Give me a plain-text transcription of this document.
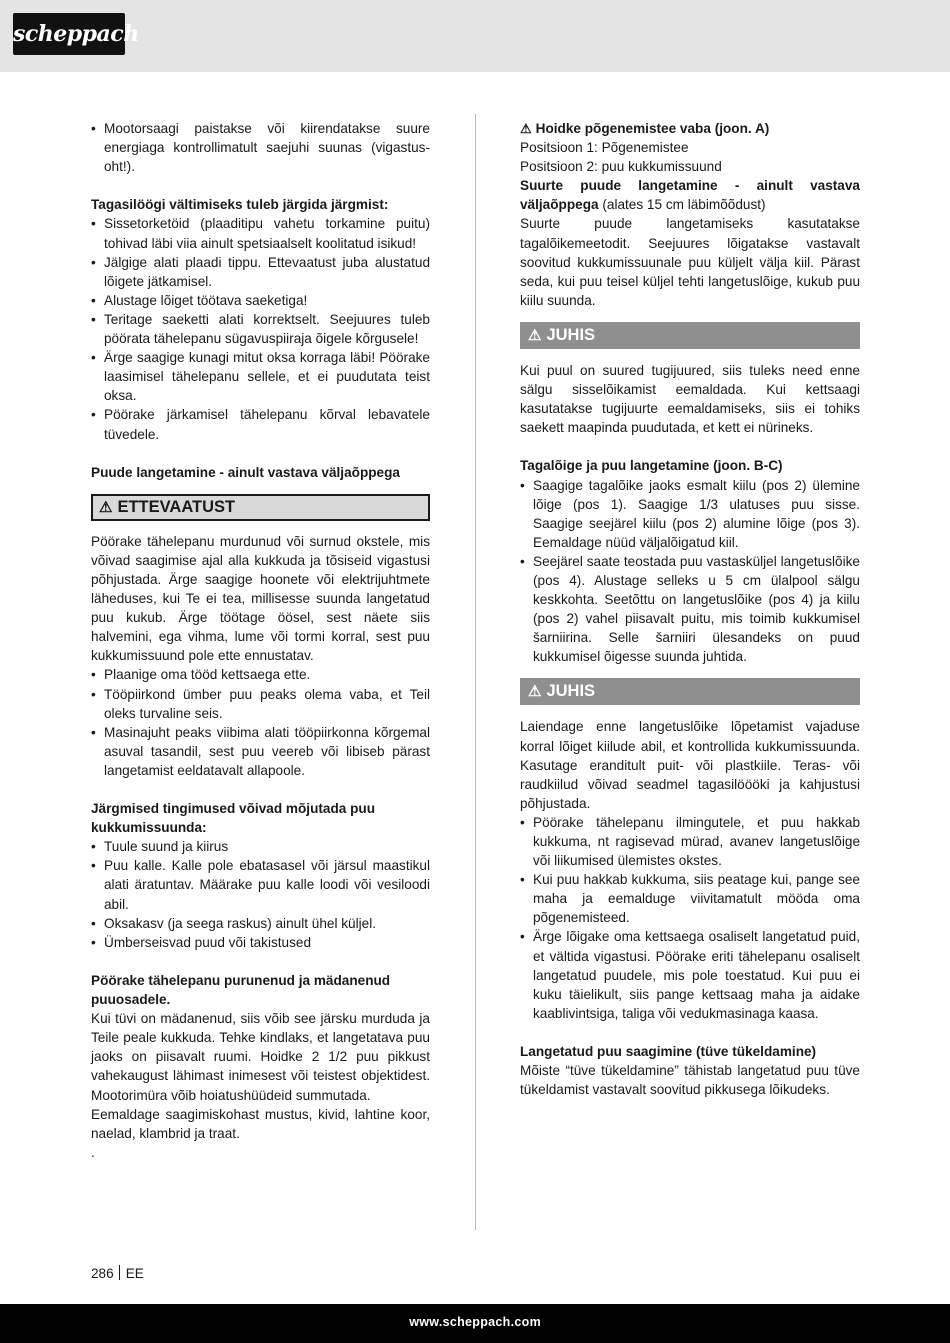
scheppach
• Mootorsaagi paistakse või kiirendatakse suure energiaga kontrollimatult saejuhi suunas (vigastus-oht!).
Tagasilöögi vältimiseks tuleb järgida järgmist:
• Sissetorketöid (plaaditipu vahetu torkamine puitu) tohivad läbi viia ainult spetsiaalselt koolitatud isikud!
• Jälgige alati plaadi tippu. Ettevaatust juba alustatud lõigete jätkamisel.
• Alustage lõiget töötava saeketiga!
• Teritage saeketti alati korrektselt. Seejuures tuleb pöörata tähelepanu sügavuspiiraja õigele kõrgusele!
• Ärge saagige kunagi mitut oksa korraga läbi! Pöörake laasimisel tähelepanu sellele, et ei puudutata teist oksa.
• Pöörake järkamisel tähelepanu kõrval lebavatele tüvedele.
Puude langetamine - ainult vastava väljaõppega
⚠ ETTEVAATUST
Pöörake tähelepanu murdunud või surnud okstele, mis võivad saagimise ajal alla kukkuda ja tõsiseid vigastusi põhjustada. Ärge saagige hoonete või elektrijuhtmete läheduses, kui Te ei tea, millisesse suunda langetatud puu kukub. Ärge töötage öösel, sest näete siis halvemini, ega vihma, lume või tormi korral, sest puu kukkumissuund pole ette ennustatav.
• Plaanige oma tööd kettsaega ette.
• Tööpiirkond ümber puu peaks olema vaba, et Teil oleks turvaline seis.
• Masinajuht peaks viibima alati tööpiirkonna kõrgemal asuval tasandil, sest puu veereb või libiseb pärast langetamist eeldatavalt allapoole.
Järgmised tingimused võivad mõjutada puu kukkumissuunda:
• Tuule suund ja kiirus
• Puu kalle. Kalle pole ebatasasel või järsul maastikul alati äratuntav. Määrake puu kalle loodi või vesiloodi abil.
• Oksakasv (ja seega raskus) ainult ühel küljel.
• Ümberseisvad puud või takistused
Pöörake tähelepanu purunenud ja mädanenud puuosadele.
Kui tüvi on mädanenud, siis võib see järsku murduda ja Teile peale kukkuda. Tehke kindlaks, et langetatava puu jaoks on piisavalt ruumi. Hoidke 2 1/2 puu pikkust vahekaugust lähimast inimesest või teistest objektidest. Mootorimüra võib hoiatushüüdeid summutada.
Eemaldage saagimiskohast mustus, kivid, lahtine koor, naelad, klambrid ja traat.
.
⚠ Hoidke põgenemistee vaba (joon. A)
Positsioon 1: Põgenemistee
Positsioon 2: puu kukkumissuund
Suurte puude langetamine - ainult vastava väljaõppega (alates 15 cm läbimõõdust)
Suurte puude langetamiseks kasutatakse tagalõikemeetodit. Seejuures lõigatakse vastavalt soovitud kukkumissuunale puu küljelt välja kiil. Pärast seda, kui puu teisel küljel tehti langetuslõige, kukub puu kiilu suunda.
⚠ JUHIS
Kui puul on suured tugijuured, siis tuleks need enne sälgu sisselõikamist eemaldada. Kui kettsaagi kasutatakse tugijuurte eemaldamiseks, siis ei tohiks saekett maapinda puudutada, et kett ei nürineks.
Tagalõige ja puu langetamine (joon. B-C)
• Saagige tagalõike jaoks esmalt kiilu (pos 2) ülemine lõige (pos 1). Saagige 1/3 ulatuses puu sisse. Saagige seejärel kiilu (pos 2) alumine lõige (pos 3). Eemaldage nüüd väljalõigatud kiil.
• Seejärel saate teostada puu vastasküljel langetuslõike (pos 4). Alustage selleks u 5 cm ülalpool sälgu keskkohta. Seetõttu on langetuslõike (pos 4) ja kiilu (pos 2) vahel piisavalt puitu, mis toimib kukkumisel šarniirina. Selle šarniiri ülesandeks on puud kukkumisel õigesse suunda juhtida.
⚠ JUHIS
Laiendage enne langetuslõike lõpetamist vajaduse korral lõiget kiilude abil, et kontrollida kukkumissuunda. Kasutage eranditult puit- või plastkiile. Teras- või raudkiilud võivad seadmel tagasilöööki ja kahjustusi põhjustada.
• Pöörake tähelepanu ilmingutele, et puu hakkab kukkuma, nt ragisevad mürad, avanev langetuslõige või liikumised ülemistes okstes.
• Kui puu hakkab kukkuma, siis peatage kui, pange see maha ja eemalduge viivitamatult mööda oma põgenemisteed.
• Ärge lõigake oma kettsaega osaliselt langetatud puid, et vältida vigastusi. Pöörake eriti tähelepanu osaliselt langetatud puudele, mis pole toestatud. Kui puu ei kuku täielikult, siis pange kettsaag maha ja aidake kaablivintsiga, taliga või vedukmasinaga kaasa.
Langetatud puu saagimine (tüve tükeldamine)
Mõiste “tüve tükeldamine” tähistab langetatud puu tüve tükeldamist vastavalt soovitud pikkusega lõikudeks.
286 EE
www.scheppach.com
